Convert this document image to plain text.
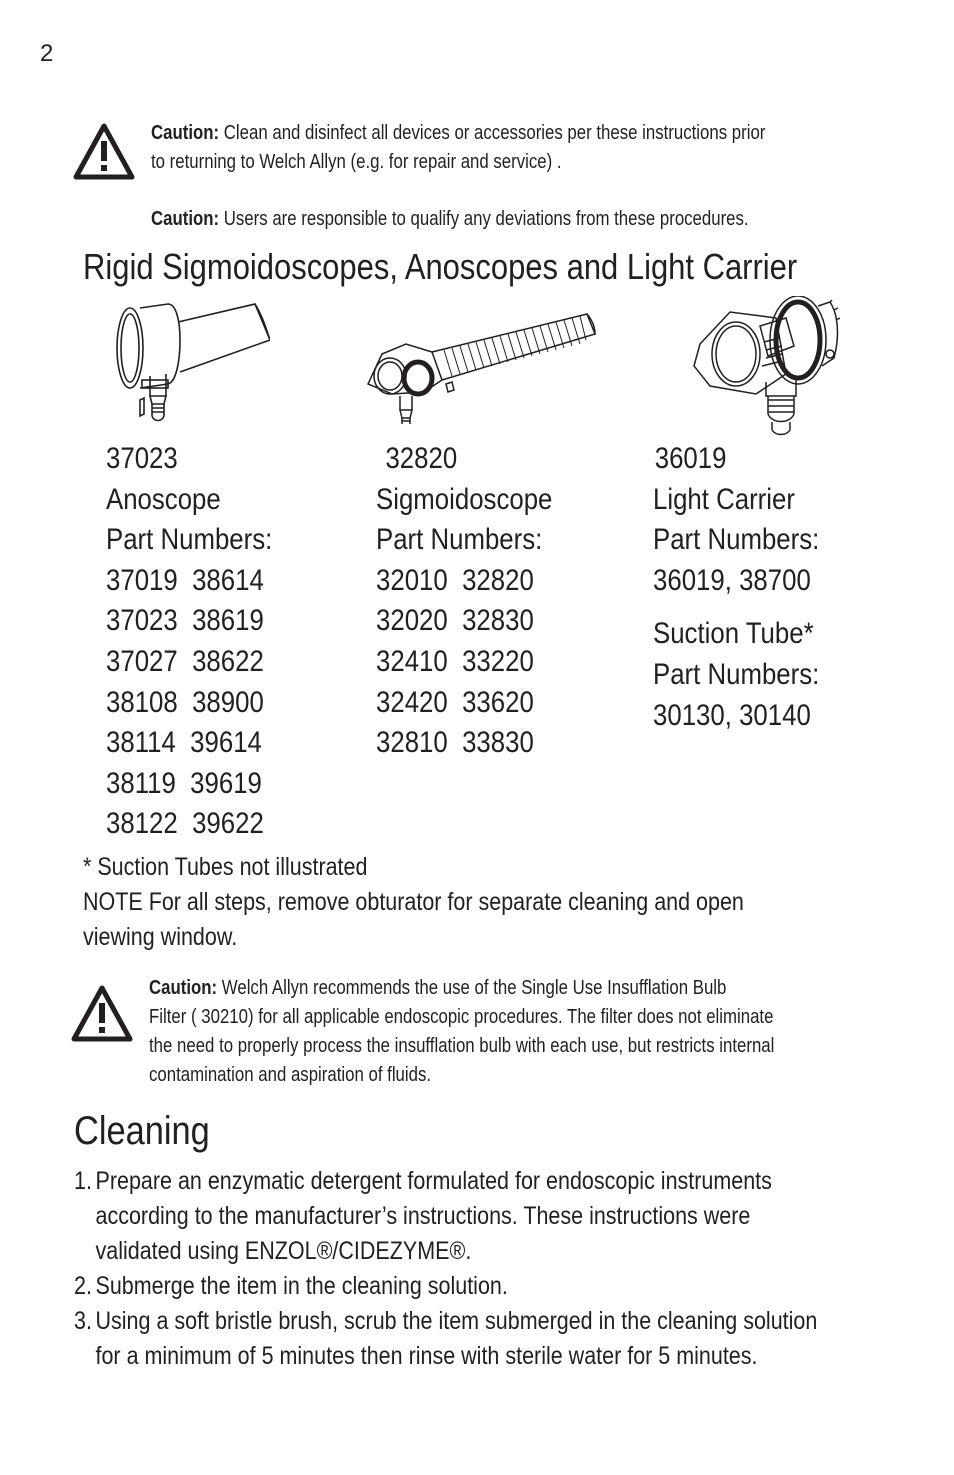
2
Caution: Clean and disinfect all devices or accessories per these instructions prior
to returning to Welch Allyn (e.g. for repair and service) .
Caution: Users are responsible to qualify any deviations from these procedures.
Rigid Sigmoidoscopes, Anoscopes and Light Carrier
37023
Anoscope
Part Numbers:
37019  38614
37023  38619
37027  38622
38108  38900
38114  39614
38119  39619
38122  39622
32820
Sigmoidoscope
Part Numbers:
32010  32820
32020  32830
32410  33220
32420  33620
32810  33830
36019
Light Carrier
Part Numbers:
36019, 38700
Suction Tube*
Part Numbers:
30130, 30140
* Suction Tubes not illustrated
NOTE For all steps, remove obturator for separate cleaning and open
viewing window.
Caution: Welch Allyn recommends the use of the Single Use Insufflation Bulb
Filter ( 30210) for all applicable endoscopic procedures. The filter does not eliminate
the need to properly process the insufflation bulb with each use, but restricts internal
contamination and aspiration of fluids.
Cleaning
1. Prepare an enzymatic detergent formulated for endoscopic instruments
according to the manufacturer’s instructions. These instructions were
validated using ENZOL®/CIDEZYME®.
2. Submerge the item in the cleaning solution.
3. Using a soft bristle brush, scrub the item submerged in the cleaning solution
for a minimum of 5 minutes then rinse with sterile water for 5 minutes.
